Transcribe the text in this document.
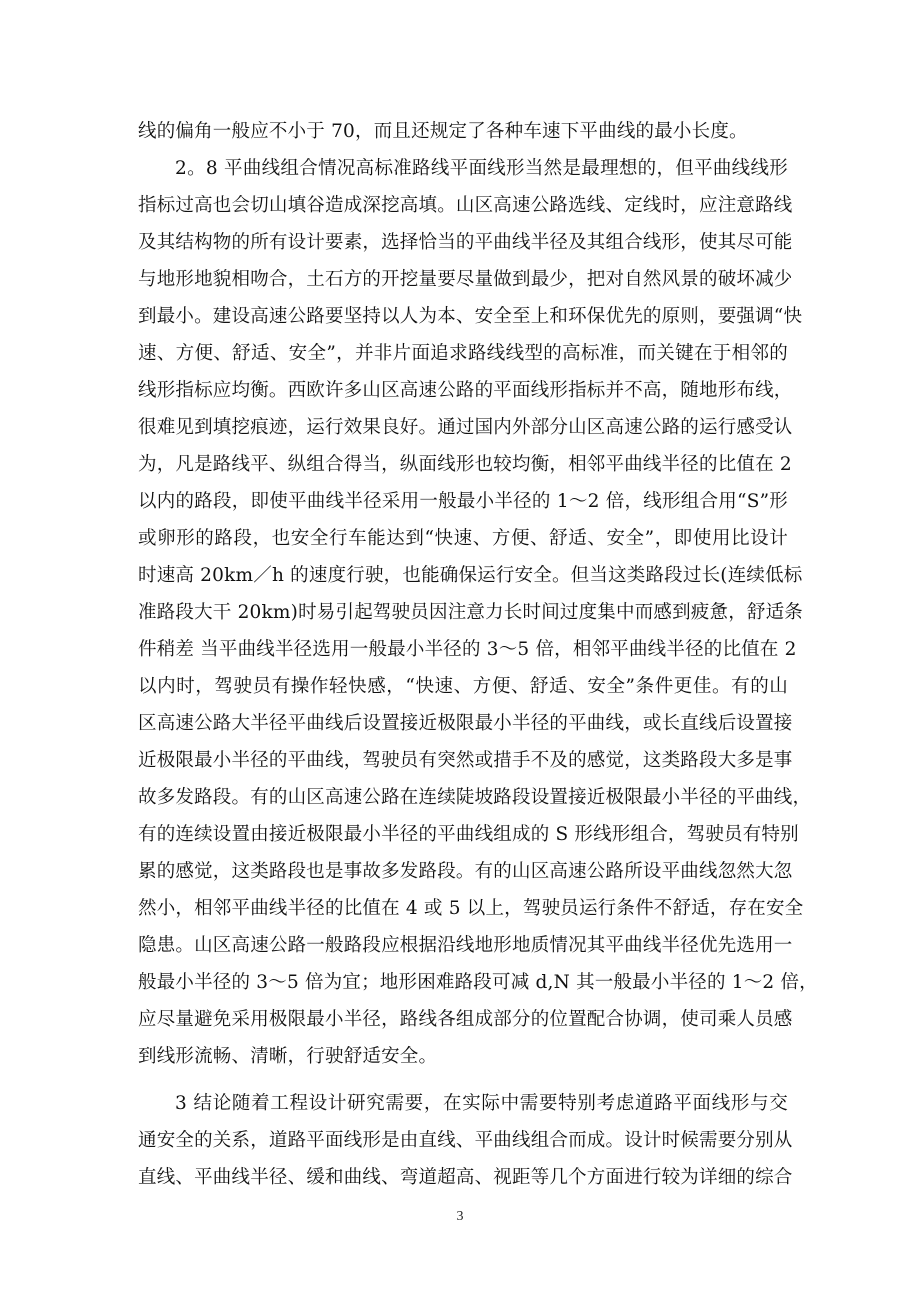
线的偏角一般应不小于 70，而且还规定了各种车速下平曲线的最小长度。
2。8 平曲线组合情况高标准路线平面线形当然是最理想的，但平曲线线形
指标过高也会切山填谷造成深挖高填。山区高速公路选线、定线时，应注意路线
及其结构物的所有设计要素，选择恰当的平曲线半径及其组合线形，使其尽可能
与地形地貌相吻合，土石方的开挖量要尽量做到最少，把对自然风景的破坏减少
到最小。建设高速公路要坚持以人为本、安全至上和环保优先的原则，要强调“快
速、方便、舒适、安全”，并非片面追求路线线型的高标准，而关键在于相邻的
线形指标应均衡。西欧许多山区高速公路的平面线形指标并不高，随地形布线，
很难见到填挖痕迹，运行效果良好。通过国内外部分山区高速公路的运行感受认
为，凡是路线平、纵组合得当，纵面线形也较均衡，相邻平曲线半径的比值在 2
以内的路段，即使平曲线半径采用一般最小半径的 1～2 倍，线形组合用“S”形
或卵形的路段，也安全行车能达到“快速、方便、舒适、安全”，即使用比设计
时速高 20km／h 的速度行驶，也能确保运行安全。但当这类路段过长(连续低标
准路段大干 20km)时易引起驾驶员因注意力长时间过度集中而感到疲惫，舒适条
件稍差 当平曲线半径选用一般最小半径的 3～5 倍，相邻平曲线半径的比值在 2
以内时，驾驶员有操作轻快感，“快速、方便、舒适、安全”条件更佳。有的山
区高速公路大半径平曲线后设置接近极限最小半径的平曲线，或长直线后设置接
近极限最小半径的平曲线，驾驶员有突然或措手不及的感觉，这类路段大多是事
故多发路段。有的山区高速公路在连续陡坡路段设置接近极限最小半径的平曲线，
有的连续设置由接近极限最小半径的平曲线组成的 S 形线形组合，驾驶员有特别
累的感觉，这类路段也是事故多发路段。有的山区高速公路所设平曲线忽然大忽
然小，相邻平曲线半径的比值在 4 或 5 以上，驾驶员运行条件不舒适，存在安全
隐患。山区高速公路一般路段应根据沿线地形地质情况其平曲线半径优先选用一
般最小半径的 3～5 倍为宜；地形困难路段可减 d,N 其一般最小半径的 1～2 倍，
应尽量避免采用极限最小半径，路线各组成部分的位置配合协调，使司乘人员感
到线形流畅、清晰，行驶舒适安全。
3 结论随着工程设计研究需要，在实际中需要特别考虑道路平面线形与交
通安全的关系，道路平面线形是由直线、平曲线组合而成。设计时候需要分别从
直线、平曲线半径、缓和曲线、弯道超高、视距等几个方面进行较为详细的综合
3
